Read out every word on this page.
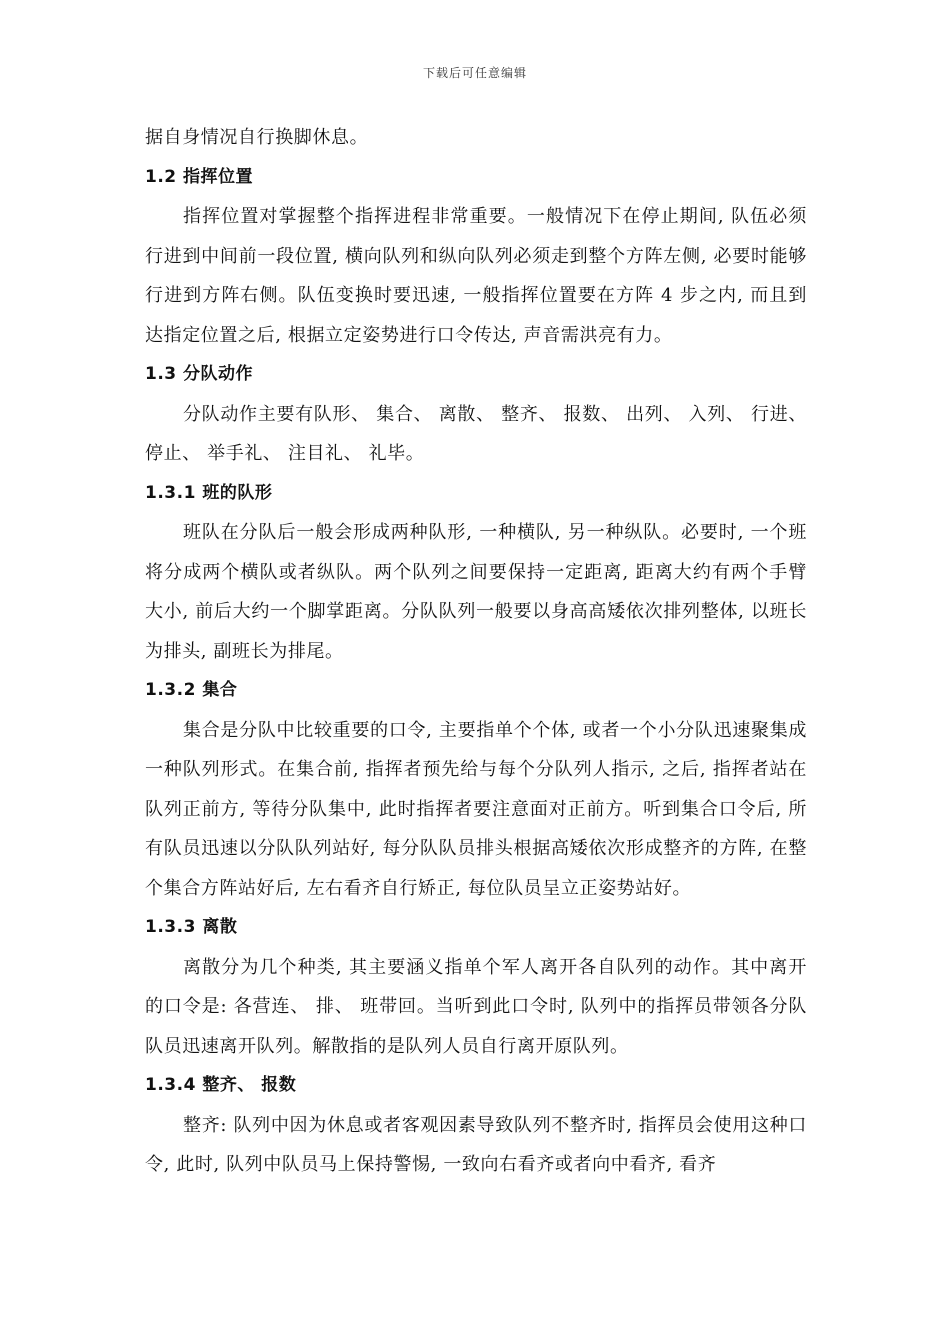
下载后可任意编辑

据自身情况自行换脚休息。

1.2 指挥位置

指挥位置对掌握整个指挥进程非常重要。一般情况下在停止期间, 队伍必须行进到中间前一段位置, 横向队列和纵向队列必须走到整个方阵左侧, 必要时能够行进到方阵右侧。队伍变换时要迅速, 一般指挥位置要在方阵 4 步之内, 而且到达指定位置之后, 根据立定姿势进行口令传达, 声音需洪亮有力。

1.3 分队动作

分队动作主要有队形、 集合、 离散、 整齐、 报数、 出列、 入列、 行进、 停止、 举手礼、 注目礼、 礼毕。

1.3.1 班的队形

班队在分队后一般会形成两种队形, 一种横队, 另一种纵队。必要时, 一个班将分成两个横队或者纵队。两个队列之间要保持一定距离, 距离大约有两个手臂大小, 前后大约一个脚掌距离。分队队列一般要以身高高矮依次排列整体, 以班长为排头, 副班长为排尾。

1.3.2 集合

集合是分队中比较重要的口令, 主要指单个个体, 或者一个小分队迅速聚集成一种队列形式。在集合前, 指挥者预先给与每个分队列人指示, 之后, 指挥者站在队列正前方, 等待分队集中, 此时指挥者要注意面对正前方。听到集合口令后, 所有队员迅速以分队队列站好, 每分队队员排头根据高矮依次形成整齐的方阵, 在整个集合方阵站好后, 左右看齐自行矫正, 每位队员呈立正姿势站好。

1.3.3 离散

离散分为几个种类, 其主要涵义指单个军人离开各自队列的动作。其中离开的口令是: 各营连、 排、 班带回。当听到此口令时, 队列中的指挥员带领各分队队员迅速离开队列。解散指的是队列人员自行离开原队列。

1.3.4 整齐、 报数

整齐: 队列中因为休息或者客观因素导致队列不整齐时, 指挥员会使用这种口令, 此时, 队列中队员马上保持警惕, 一致向右看齐或者向中看齐, 看齐
